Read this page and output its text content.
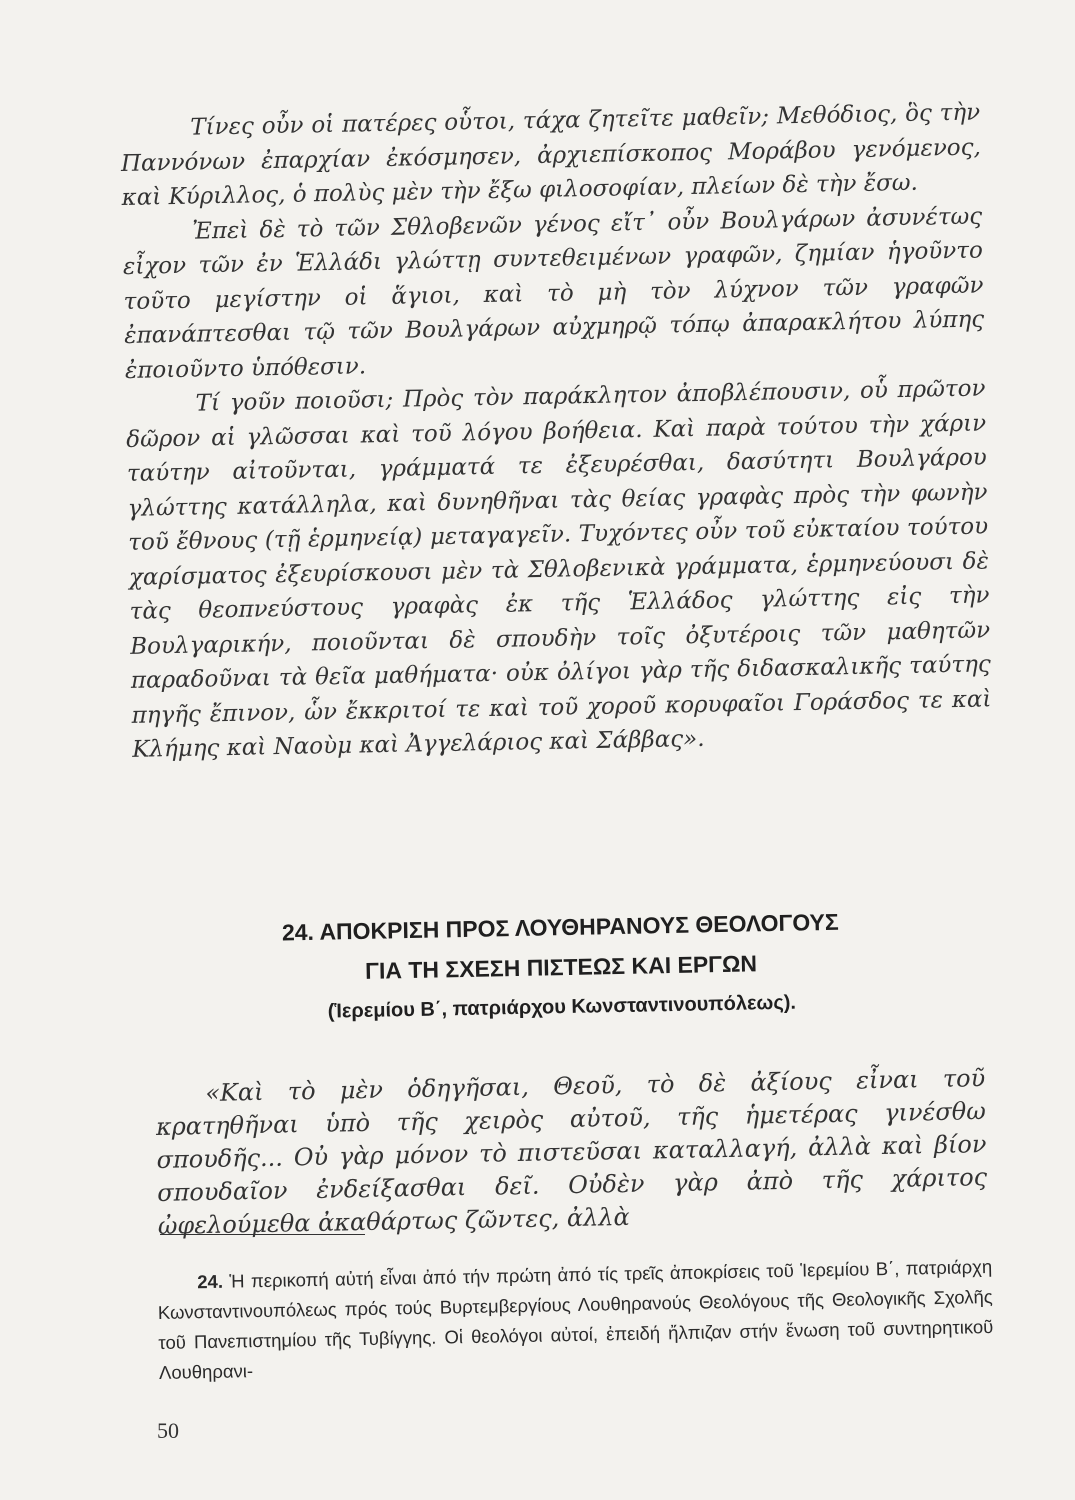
Τίνες οὖν οἱ πατέρες οὗτοι, τάχα ζητεῖτε μαθεῖν; Μεθόδιος, ὃς τὴν Παννόνων ἐπαρχίαν ἐκόσμησεν, ἀρχιεπίσκοπος Μοράβου γενόμενος, καὶ Κύριλλος, ὁ πολὺς μὲν τὴν ἔξω φιλοσοφίαν, πλείων δὲ τὴν ἔσω.

Ἐπεὶ δὲ τὸ τῶν Σθλοβενῶν γένος εἴτ᾽ οὖν Βουλγάρων ἀσυνέτως εἶχον τῶν ἐν Ἑλλάδι γλώττῃ συντεθειμένων γραφῶν, ζημίαν ἡγοῦντο τοῦτο μεγίστην οἱ ἅγιοι, καὶ τὸ μὴ τὸν λύχνον τῶν γραφῶν ἐπανάπτεσθαι τῷ τῶν Βουλγάρων αὐχμηρῷ τόπῳ ἀπαρακλήτου λύπης ἐποιοῦντο ὑπόθεσιν.

Τί γοῦν ποιοῦσι; Πρὸς τὸν παράκλητον ἀποβλέπουσιν, οὗ πρῶτον δῶρον αἱ γλῶσσαι καὶ τοῦ λόγου βοήθεια. Καὶ παρὰ τούτου τὴν χάριν ταύτην αἰτοῦνται, γράμματά τε ἐξευρέσθαι, δασύτητι Βουλγάρου γλώττης κατάλληλα, καὶ δυνηθῆναι τὰς θείας γραφὰς πρὸς τὴν φωνὴν τοῦ ἔθνους (τῇ ἑρμηνείᾳ) μεταγαγεῖν. Τυχόντες οὖν τοῦ εὐκταίου τούτου χαρίσματος ἐξευρίσκουσι μὲν τὰ Σθλοβενικὰ γράμματα, ἑρμηνεύουσι δὲ τὰς θεοπνεύστους γραφὰς ἐκ τῆς Ἑλλάδος γλώττης εἰς τὴν Βουλγαρικήν, ποιοῦνται δὲ σπουδὴν τοῖς ὀξυτέροις τῶν μαθητῶν παραδοῦναι τὰ θεῖα μαθήματα· οὐκ ὀλίγοι γὰρ τῆς διδασκαλικῆς ταύτης πηγῆς ἔπινον, ὧν ἔκκριτοί τε καὶ τοῦ χοροῦ κορυφαῖοι Γοράσδος τε καὶ Κλήμης καὶ Ναοὺμ καὶ Ἀγγελάριος καὶ Σάββας».

24. ΑΠΟΚΡΙΣΗ ΠΡΟΣ ΛΟΥΘΗΡΑΝΟΥΣ ΘΕΟΛΟΓΟΥΣ
ΓΙΑ ΤΗ ΣΧΕΣΗ ΠΙΣΤΕΩΣ ΚΑΙ ΕΡΓΩΝ
(Ἱερεμίου Β΄, πατριάρχου Κωνσταντινουπόλεως).

«Καὶ τὸ μὲν ὁδηγῆσαι, Θεοῦ, τὸ δὲ ἀξίους εἶναι τοῦ κρατηθῆναι ὑπὸ τῆς χειρὸς αὐτοῦ, τῆς ἡμετέρας γινέσθω σπουδῆς... Οὐ γὰρ μόνον τὸ πιστεῦσαι καταλλαγή, ἀλλὰ καὶ βίον σπουδαῖον ἐνδείξασθαι δεῖ. Οὐδὲν γὰρ ἀπὸ τῆς χάριτος ὠφελούμεθα ἀκαθάρτως ζῶντες, ἀλλὰ

24. Ἡ περικοπή αὐτή εἶναι ἀπό τήν πρώτη ἀπό τίς τρεῖς ἀποκρίσεις τοῦ Ἱερεμίου Β΄, πατριάρχη Κωνσταντινουπόλεως πρός τούς Βυρτεμβεργίους Λουθηρανούς Θεολόγους τῆς Θεολογικῆς Σχολῆς τοῦ Πανεπιστημίου τῆς Τυβίγγης. Οἱ θεολόγοι αὐτοί, ἐπειδή ἤλπιζαν στήν ἕνωση τοῦ συντηρητικοῦ Λουθηρανι-

50
